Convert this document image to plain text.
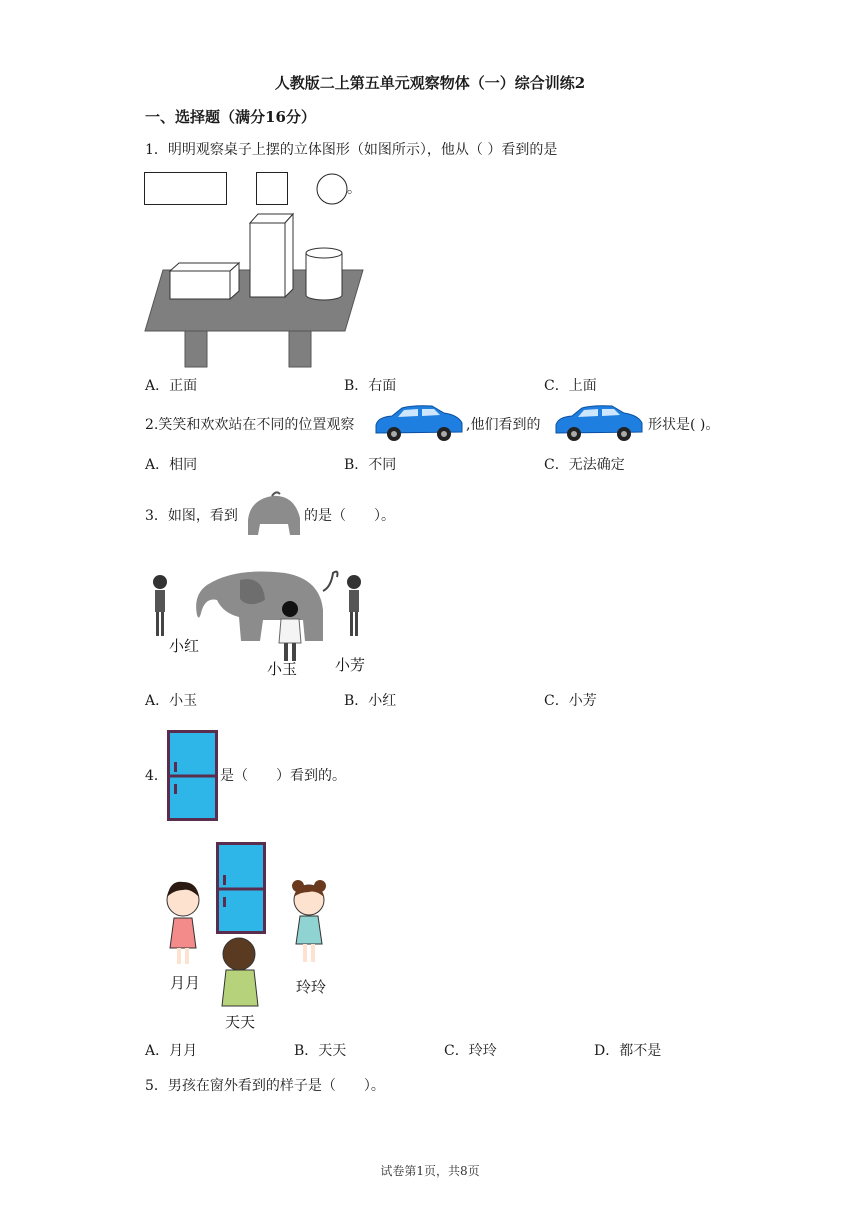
人教版二上第五单元观察物体（一）综合训练2
一、选择题（满分16分）
1．明明观察桌子上摆的立体图形（如图所示），他从（ ）看到的是
。
A．正面	B．右面	C．上面
2.笑笑和欢欢站在不同的位置观察	,他们看到的	形状是( )。
A．相同	B．不同	C．无法确定
3．如图，看到	的是（　　）。
小红
小玉	小芳
A．小玉	B．小红	C．小芳
4．	是（　　）看到的。
月月
天天
玲玲
A．月月	B．天天	C．玲玲	D．都不是
5．男孩在窗外看到的样子是（　　）。
试卷第1页，共8页
